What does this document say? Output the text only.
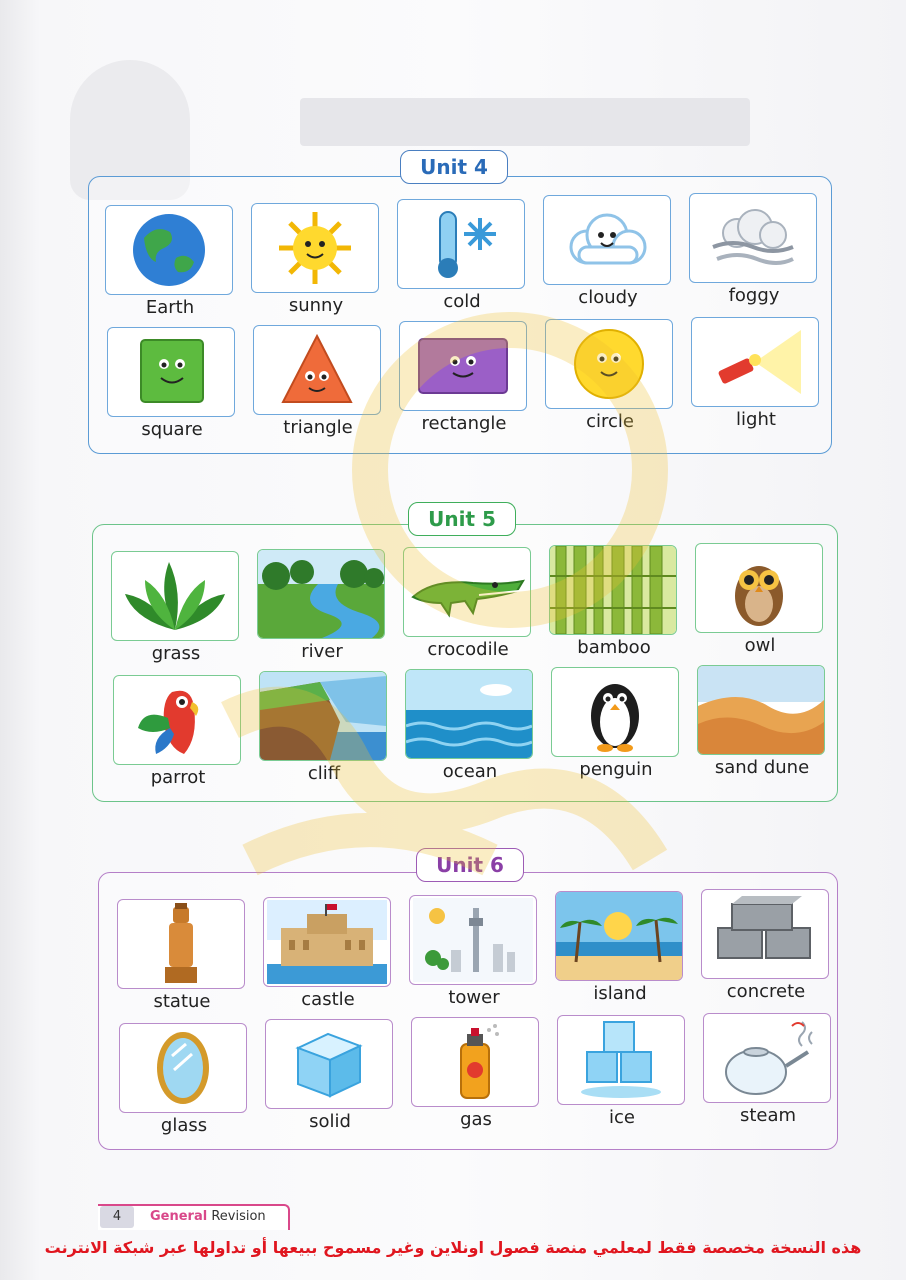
Earth	sunny	cold	cloudy	foggy
square	triangle	rectangle	circle	light
Unit 4
grass	river	crocodile	bamboo	owl
parrot	cliff	ocean	penguin	sand dune
Unit 5
statue	castle	tower	island	concrete
glass	solid	gas	ice	steam
Unit 6
4	General Revision
هذه النسخة مخصصة فقط لمعلمي منصة فصول اونلاين وغير مسموح ببيعها أو تداولها عبر شبكة الانترنت
